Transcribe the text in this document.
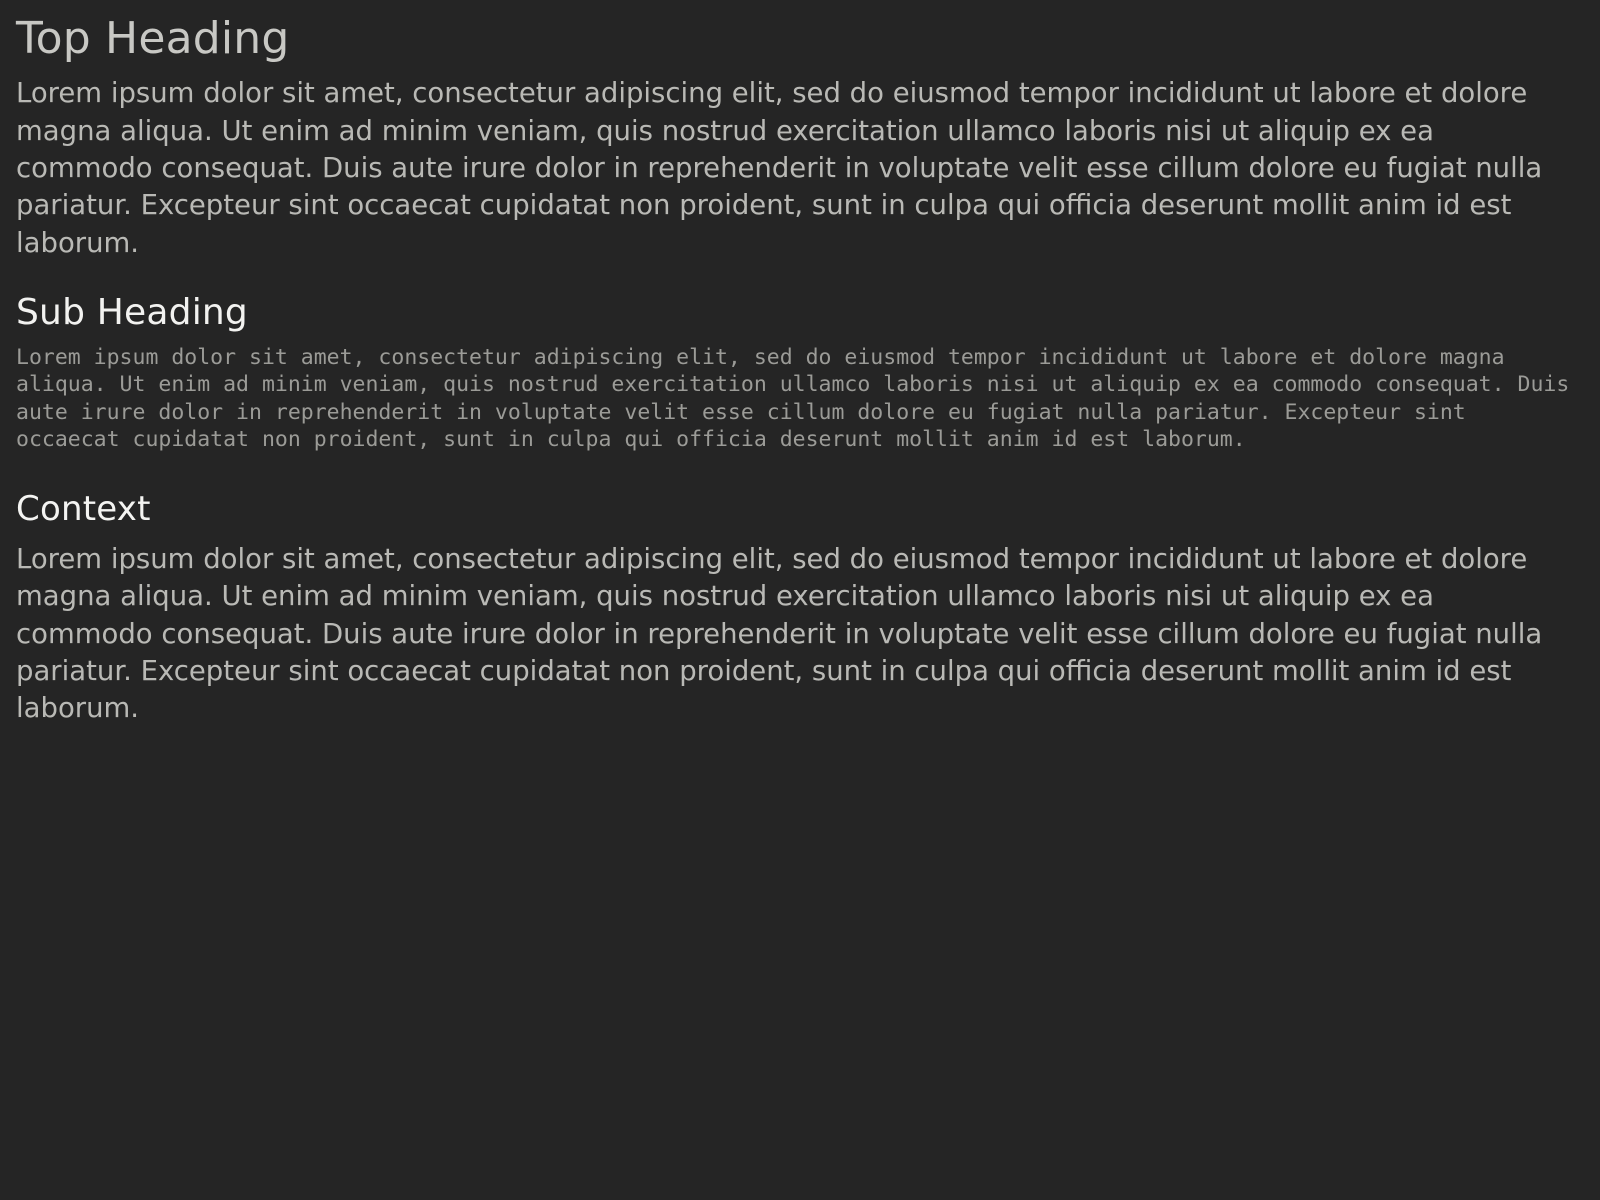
Top Heading

Lorem ipsum dolor sit amet, consectetur adipiscing elit, sed do eiusmod tempor incididunt ut labore et dolore magna aliqua. Ut enim ad minim veniam, quis nostrud exercitation ullamco laboris nisi ut aliquip ex ea commodo consequat. Duis aute irure dolor in reprehenderit in voluptate velit esse cillum dolore eu fugiat nulla pariatur. Excepteur sint occaecat cupidatat non proident, sunt in culpa qui officia deserunt mollit anim id est laborum.

Sub Heading
Lorem ipsum dolor sit amet, consectetur adipiscing elit, sed do eiusmod tempor incididunt ut labore et dolore magna aliqua. Ut enim ad minim veniam, quis nostrud exercitation ullamco laboris nisi ut aliquip ex ea commodo consequat. Duis aute irure dolor in reprehenderit in voluptate velit esse cillum dolore eu fugiat nulla pariatur. Excepteur sint occaecat cupidatat non proident, sunt in culpa qui officia deserunt mollit anim id est laborum.
Context

Lorem ipsum dolor sit amet, consectetur adipiscing elit, sed do eiusmod tempor incididunt ut labore et dolore magna aliqua. Ut enim ad minim veniam, quis nostrud exercitation ullamco laboris nisi ut aliquip ex ea commodo consequat. Duis aute irure dolor in reprehenderit in voluptate velit esse cillum dolore eu fugiat nulla pariatur. Excepteur sint occaecat cupidatat non proident, sunt in culpa qui officia deserunt mollit anim id est laborum.
